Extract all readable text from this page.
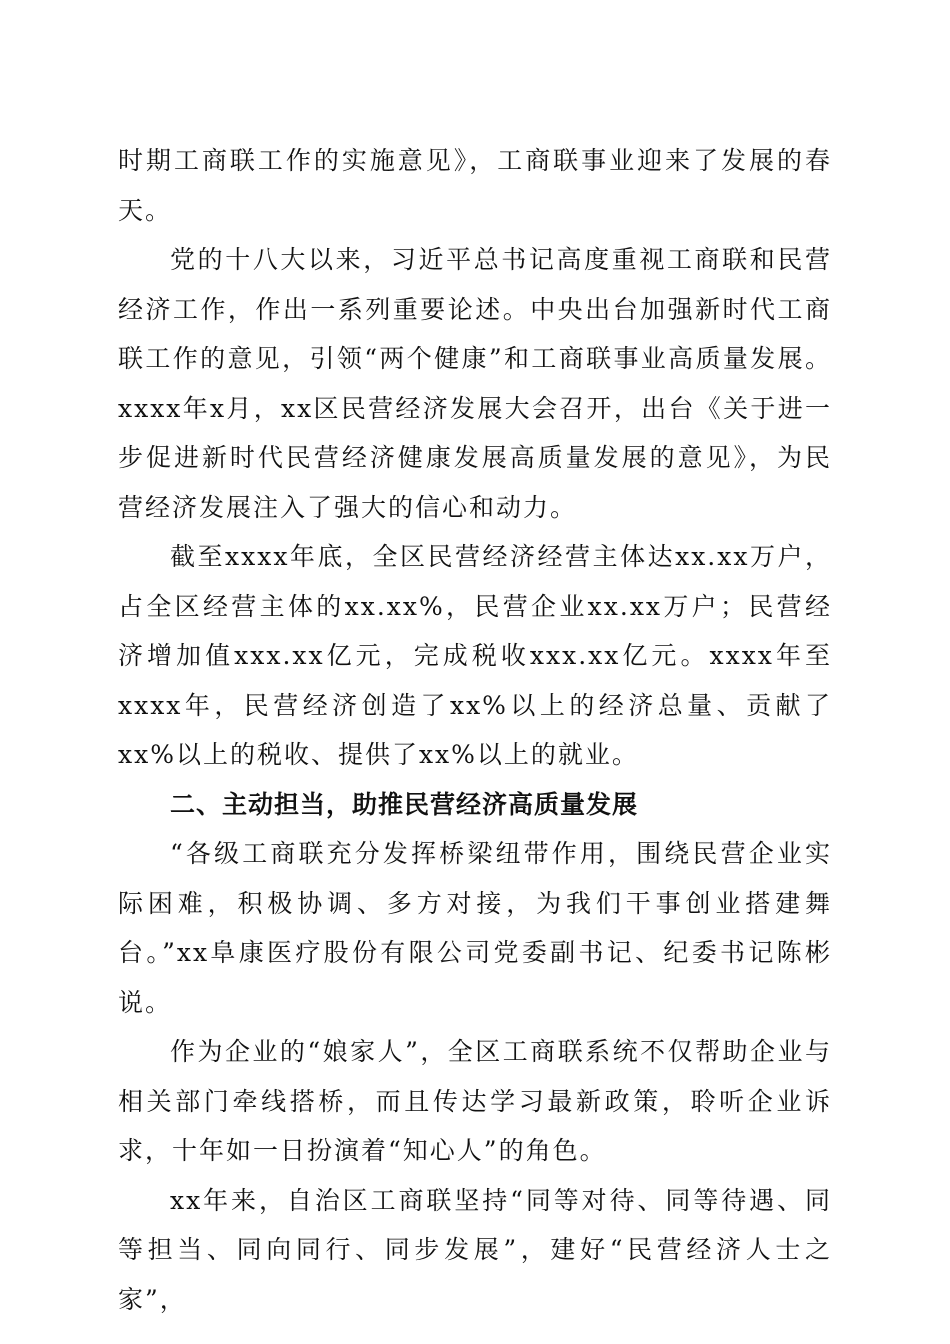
时期工商联工作的实施意见》，工商联事业迎来了发展的春天。

党的十八大以来，习近平总书记高度重视工商联和民营经济工作，作出一系列重要论述。中央出台加强新时代工商联工作的意见，引领“两个健康”和工商联事业高质量发展。xxxx年x月，xx区民营经济发展大会召开，出台《关于进一步促进新时代民营经济健康发展高质量发展的意见》，为民营经济发展注入了强大的信心和动力。

截至xxxx年底，全区民营经济经营主体达xx.xx万户，占全区经营主体的xx.xx%，民营企业xx.xx万户；民营经济增加值xxx.xx亿元，完成税收xxx.xx亿元。xxxx年至xxxx年，民营经济创造了xx%以上的经济总量、贡献了xx%以上的税收、提供了xx%以上的就业。

二、主动担当，助推民营经济高质量发展

“各级工商联充分发挥桥梁纽带作用，围绕民营企业实际困难，积极协调、多方对接，为我们干事创业搭建舞台。”xx阜康医疗股份有限公司党委副书记、纪委书记陈彬说。

作为企业的“娘家人”，全区工商联系统不仅帮助企业与相关部门牵线搭桥，而且传达学习最新政策，聆听企业诉求，十年如一日扮演着“知心人”的角色。

xx年来，自治区工商联坚持“同等对待、同等待遇、同等担当、同向同行、同步发展”，建好“民营经济人士之家”，
